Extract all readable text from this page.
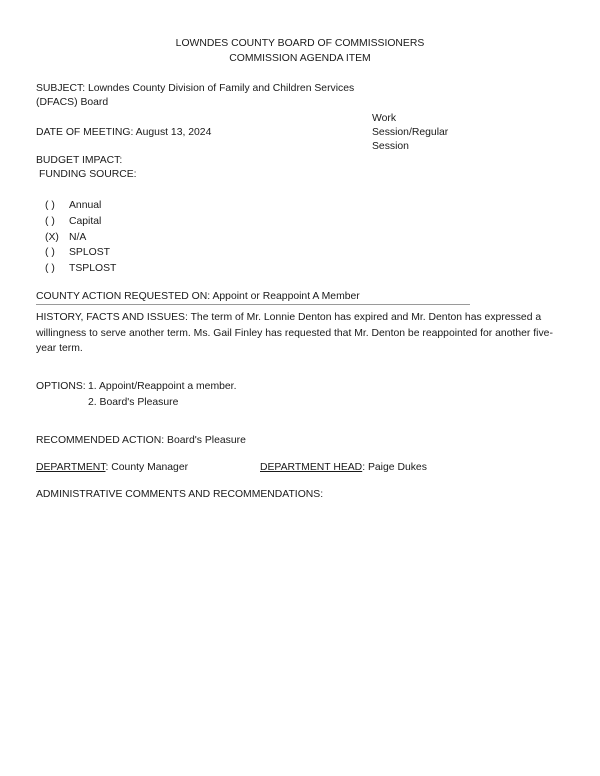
LOWNDES COUNTY BOARD OF COMMISSIONERS
COMMISSION AGENDA ITEM
SUBJECT: Lowndes County Division of Family and Children Services
(DFACS) Board
DATE OF MEETING: August 13, 2024
Work
Session/Regular
Session
BUDGET IMPACT:
FUNDING SOURCE:
( ) Annual
( ) Capital
(X) N/A
( ) SPLOST
( ) TSPLOST
COUNTY ACTION REQUESTED ON: Appoint or Reappoint A Member
HISTORY, FACTS AND ISSUES: The term of Mr. Lonnie Denton has expired and Mr. Denton has expressed a willingness to serve another term. Ms. Gail Finley has requested that Mr. Denton be reappointed for another five-year term.
OPTIONS: 1. Appoint/Reappoint a member.
2. Board's Pleasure
RECOMMENDED ACTION: Board's Pleasure
DEPARTMENT: County Manager	DEPARTMENT HEAD: Paige Dukes
ADMINISTRATIVE COMMENTS AND RECOMMENDATIONS:
